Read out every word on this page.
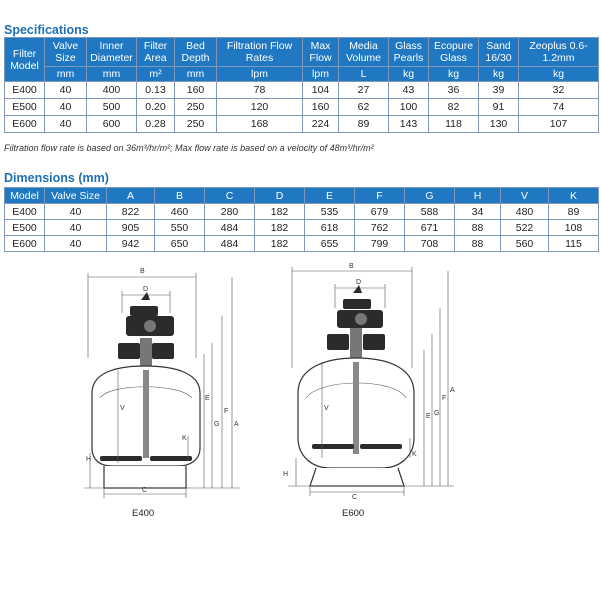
Specifications
Filter Model	Valve Size	Inner Diameter	Filter Area	Bed Depth	Filtration Flow Rates	Max Flow	Media Volume	Glass Pearls	Ecopure Glass	Sand 16/30	Zeoplus 0.6-1.2mm
	mm	mm	m²	mm	lpm	lpm	L	kg	kg	kg	kg
E400	40	400	0.13	160	78	104	27	43	36	39	32
E500	40	500	0.20	250	120	160	62	100	82	91	74
E600	40	600	0.28	250	168	224	89	143	118	130	107
Filtration flow rate is based on 36m³/hr/m²; Max flow rate is based on a velocity of 48m³/hr/m²
Dimensions (mm)
Model	Valve Size	A	B	C	D	E	F	G	H	V	K
E400	40	822	460	280	182	535	679	588	34	480	89
E500	40	905	550	484	182	618	762	671	88	522	108
E600	40	942	650	484	182	655	799	708	88	560	115
B
D
A
F
G
E
V
K
H
C
E400
B
D
A
F
G
E
V
K
H
C
E600
